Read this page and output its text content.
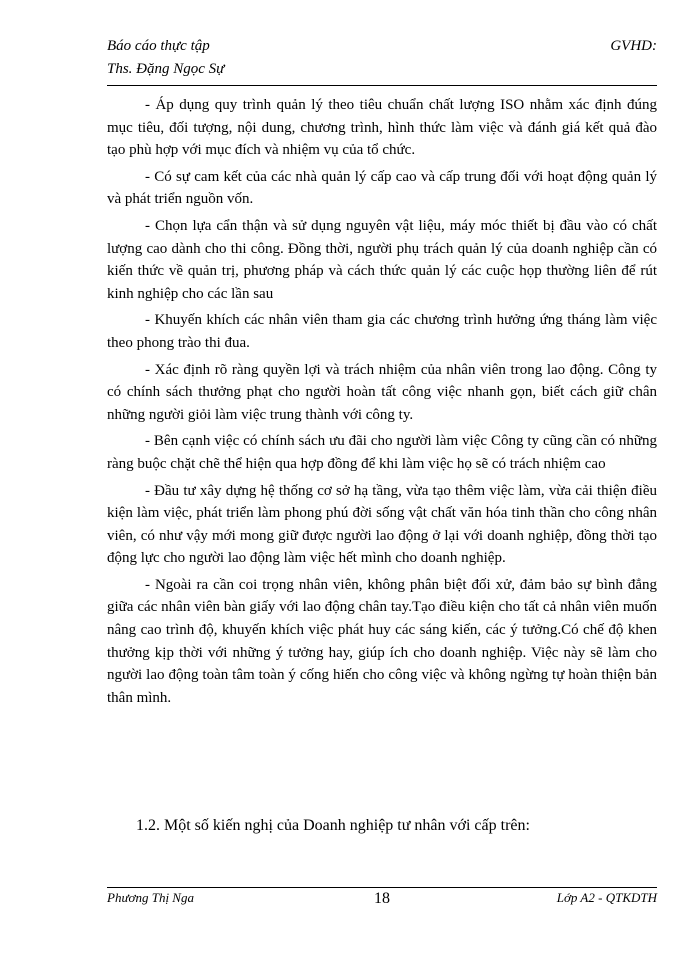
Báo cáo thực tập
Ths. Đặng Ngọc Sự
GVHD:

- Áp dụng quy trình quản lý theo tiêu chuẩn chất lượng ISO nhằm xác định đúng mục tiêu, đối tượng, nội dung, chương trình, hình thức làm việc và đánh giá kết quả đào tạo phù hợp với mục đích và nhiệm vụ của tổ chức.

- Có sự cam kết của các nhà quản lý cấp cao và cấp trung đối với hoạt động quản lý và phát triển nguồn vốn.

- Chọn lựa cẩn thận và sử dụng nguyên vật liệu, máy móc thiết bị đầu vào có chất lượng cao dành cho thi công. Đồng thời, người phụ trách quản lý của doanh nghiệp cần có kiến thức về quản trị, phương pháp và cách thức quản lý các cuộc họp thường liên để rút kinh nghiệp cho các lần sau

- Khuyến khích các nhân viên tham gia các chương trình hưởng ứng tháng làm việc theo phong trào thi đua.

- Xác định rõ ràng quyền lợi và trách nhiệm của nhân viên trong lao động. Công ty có chính sách thưởng phạt cho người hoàn tất công việc nhanh gọn, biết cách giữ chân những người giỏi làm việc trung thành với công ty.

- Bên cạnh việc có chính sách ưu đãi cho người làm việc Công ty cũng cần có những ràng buộc chặt chẽ thể hiện qua hợp đồng để khi làm việc họ sẽ có trách nhiệm cao

- Đầu tư xây dựng hệ thống cơ sở hạ tầng, vừa tạo thêm việc làm, vừa cải thiện điều kiện làm việc, phát triển làm phong phú đời sống vật chất văn hóa tinh thần cho công nhân viên, có như vậy mới mong giữ được người lao động ở lại với doanh nghiệp, đồng thời tạo động lực cho người lao động làm việc hết mình cho doanh nghiệp.

- Ngoài ra cần coi trọng nhân viên, không phân biệt đối xử, đảm bảo sự bình đẳng giữa các nhân viên bàn giấy với lao động chân tay.Tạo điều kiện cho tất cả nhân viên muốn nâng cao trình độ, khuyến khích việc phát huy các sáng kiến, các ý tưởng.Có chế độ khen thưởng kịp thời với những ý tưởng hay, giúp ích cho doanh nghiệp. Việc này sẽ làm cho người lao động toàn tâm toàn ý cống hiến cho công việc và không ngừng tự hoàn thiện bản thân mình.

1.2. Một số kiến nghị của Doanh nghiệp tư nhân với cấp trên:
Phương Thị Nga	18	Lớp A2 - QTKDTH
